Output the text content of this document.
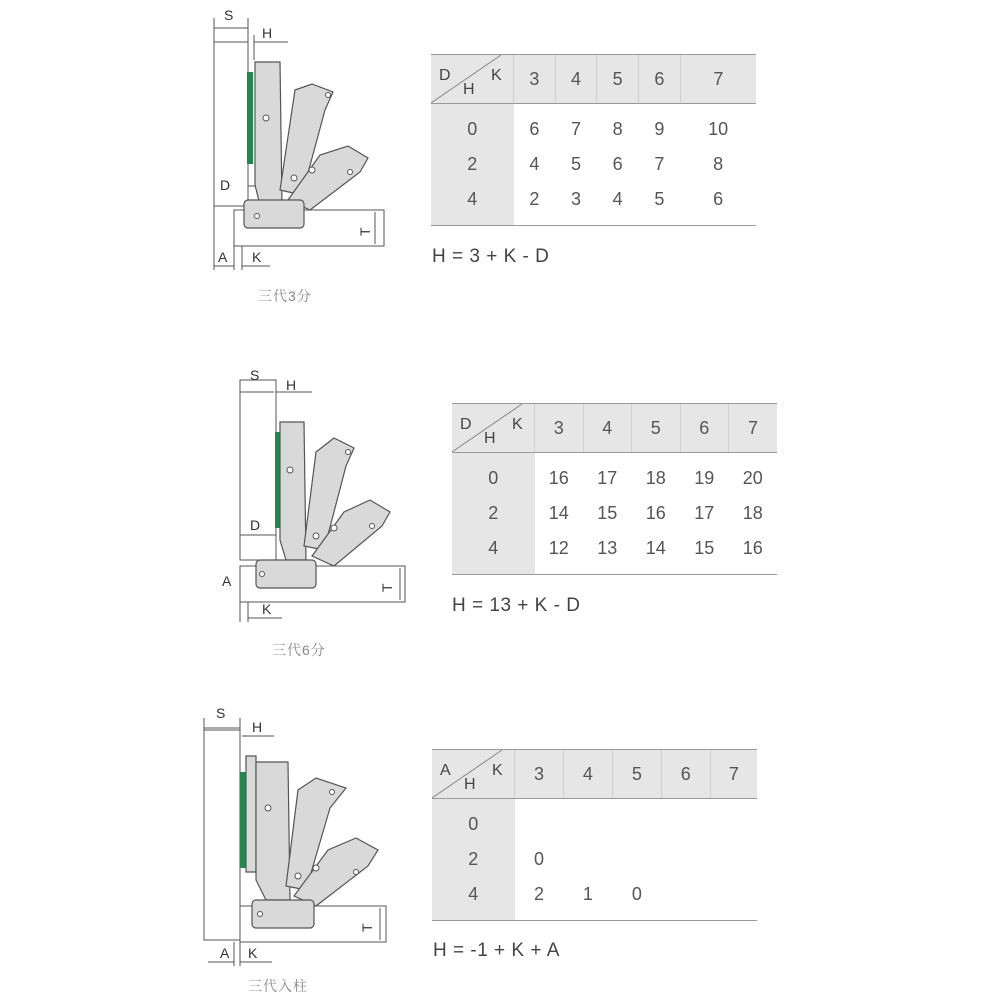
S
H
D
A K
T
三代3分
D K
H	3	4	5	6	7
0	6	7	8	9	10
2	4	5	6	7	8
4	2	3	4	5	6
H = 3 + K - D
S
H
D
A
K
T
三代6分
D K
H	3	4	5	6	7
0	16	17	18	19	20
2	14	15	16	17	18
4	12	13	14	15	16
H = 13 + K - D
S
H
A K
T
三代入柱
A K
H	3	4	5	6	7
0					
2	0				
4	2	1	0		
H = -1 + K + A
